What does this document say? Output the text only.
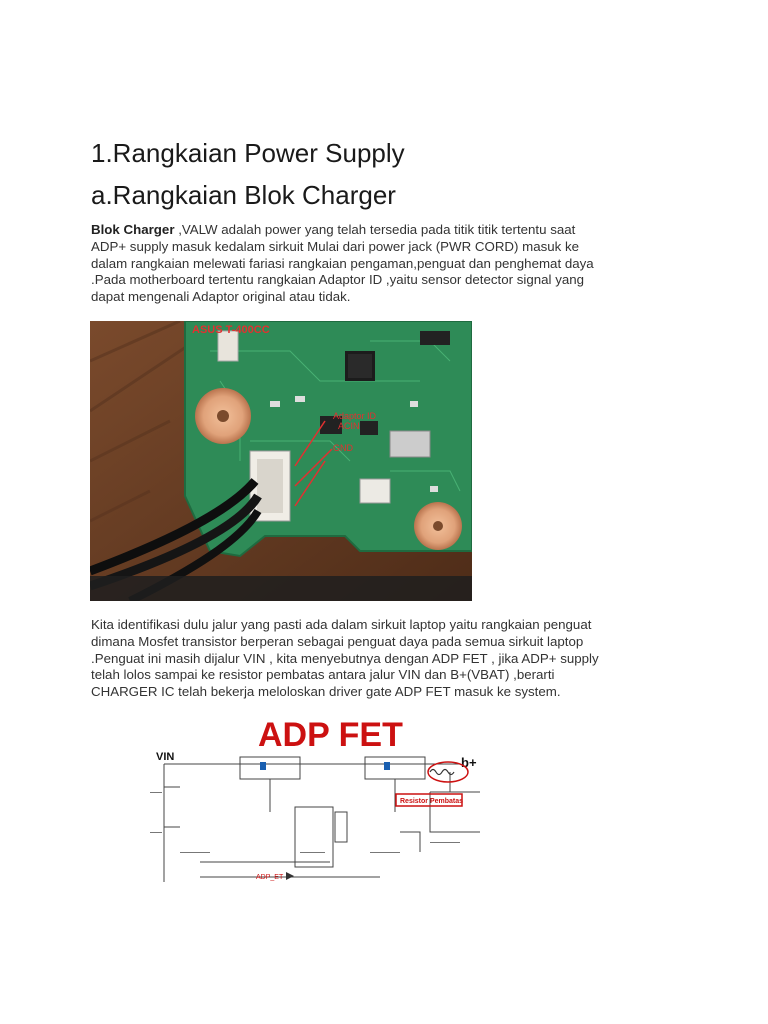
1.Rangkaian Power Supply
a.Rangkaian Blok Charger
Blok Charger ,VALW adalah power yang telah tersedia pada titik titik tertentu saat
ADP+ supply masuk kedalam sirkuit Mulai dari power jack (PWR CORD) masuk ke
dalam rangkaian melewati fariasi rangkaian pengaman,penguat dan penghemat daya
.Pada motherboard tertentu rangkaian Adaptor ID ,yaitu sensor detector signal yang
dapat mengenali Adaptor original atau tidak.
ASUS T-400CC
Adaptor ID
ACIN
GND
Kita identifikasi dulu jalur yang pasti ada dalam sirkuit laptop yaitu rangkaian penguat
dimana Mosfet transistor berperan sebagai penguat daya pada semua sirkuit laptop
.Penguat ini masih dijalur VIN , kita menyebutnya dengan ADP FET , jika ADP+ supply
telah lolos sampai ke resistor pembatas antara jalur VIN dan B+(VBAT) ,berarti
CHARGER IC telah bekerja meloloskan driver gate ADP FET masuk ke system.
ADP FET
VIN	b+
Resistor Pembatas
ADP_ET
